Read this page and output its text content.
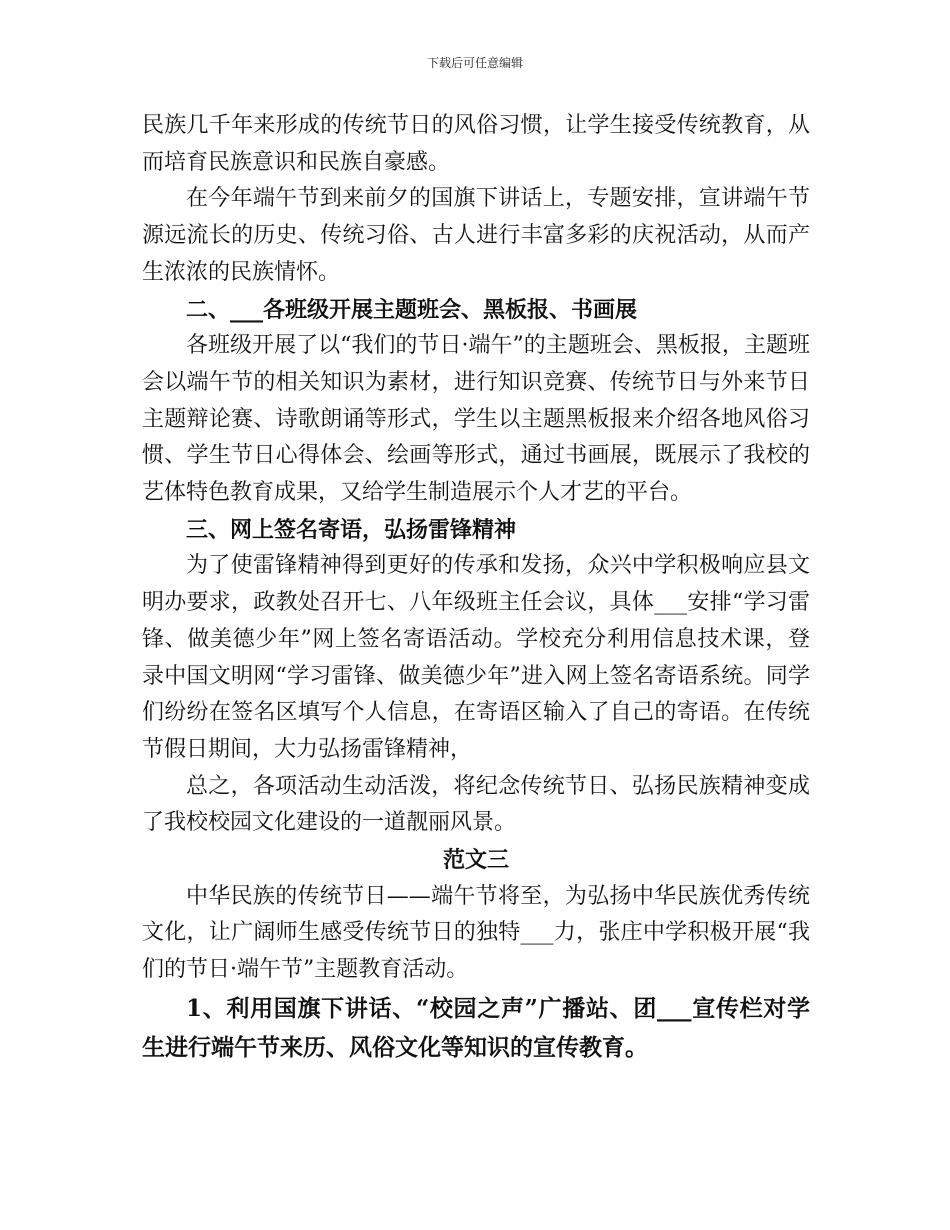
下载后可任意编辑

民族几千年来形成的传统节日的风俗习惯，让学生接受传统教育，从而培育民族意识和民族自豪感。

在今年端午节到来前夕的国旗下讲话上，专题安排，宣讲端午节源远流长的历史、传统习俗、古人进行丰富多彩的庆祝活动，从而产生浓浓的民族情怀。

二、___各班级开展主题班会、黑板报、书画展

各班级开展了以“我们的节日·端午”的主题班会、黑板报，主题班会以端午节的相关知识为素材，进行知识竞赛、传统节日与外来节日主题辩论赛、诗歌朗诵等形式，学生以主题黑板报来介绍各地风俗习惯、学生节日心得体会、绘画等形式，通过书画展，既展示了我校的艺体特色教育成果，又给学生制造展示个人才艺的平台。

三、网上签名寄语，弘扬雷锋精神

为了使雷锋精神得到更好的传承和发扬，众兴中学积极响应县文明办要求，政教处召开七、八年级班主任会议，具体___安排“学习雷锋、做美德少年”网上签名寄语活动。学校充分利用信息技术课，登录中国文明网“学习雷锋、做美德少年”进入网上签名寄语系统。同学们纷纷在签名区填写个人信息，在寄语区输入了自己的寄语。在传统节假日期间，大力弘扬雷锋精神，

总之，各项活动生动活泼，将纪念传统节日、弘扬民族精神变成了我校校园文化建设的一道靓丽风景。

范文三

中华民族的传统节日——端午节将至，为弘扬中华民族优秀传统文化，让广阔师生感受传统节日的独特___力，张庄中学积极开展“我们的节日·端午节”主题教育活动。

1、利用国旗下讲话、“校园之声”广播站、团___宣传栏对学生进行端午节来历、风俗文化等知识的宣传教育。
